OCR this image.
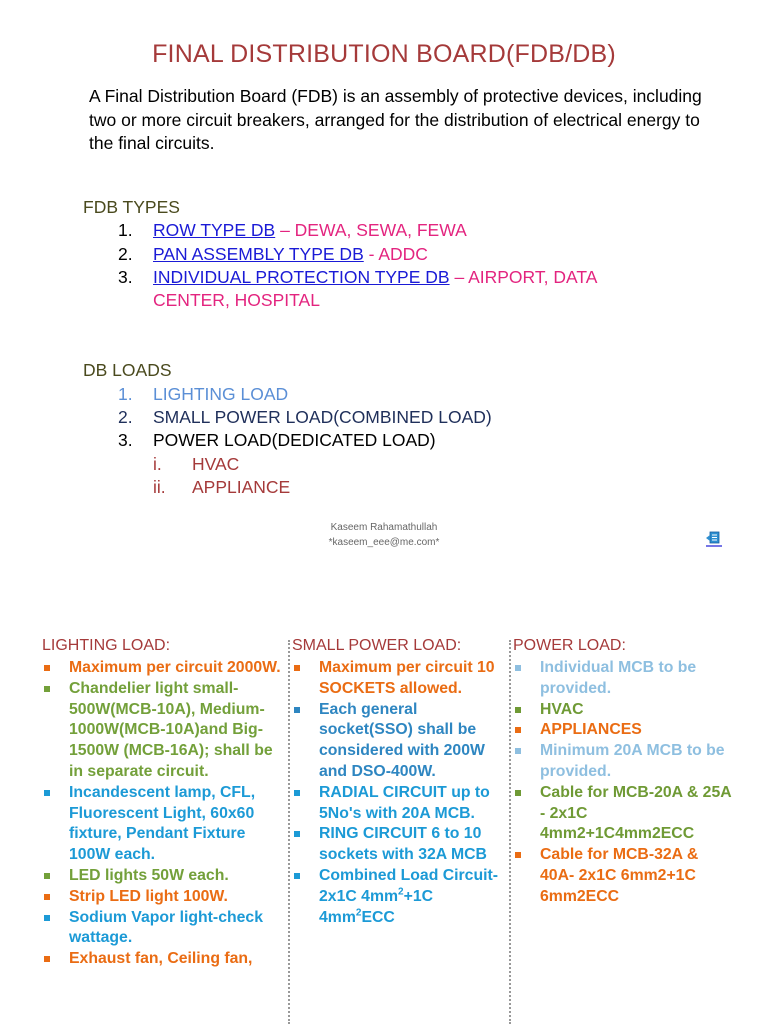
FINAL DISTRIBUTION BOARD(FDB/DB)
A Final Distribution Board (FDB) is an assembly of protective devices, including two or more circuit breakers, arranged for the distribution of electrical energy to the final circuits.
FDB TYPES
1. ROW TYPE DB – DEWA, SEWA, FEWA
2. PAN ASSEMBLY TYPE DB - ADDC
3. INDIVIDUAL PROTECTION TYPE DB – AIRPORT, DATA
CENTER, HOSPITAL
DB LOADS
1. LIGHTING LOAD
2. SMALL POWER LOAD(COMBINED LOAD)
3. POWER LOAD(DEDICATED LOAD)
i. HVAC
ii. APPLIANCE
Kaseem Rahamathullah
*kaseem_eee@me.com*
LIGHTING LOAD:
Maximum per circuit 2000W.
Chandelier light small-500W(MCB-10A), Medium-1000W(MCB-10A)and Big-1500W (MCB-16A); shall be in separate circuit.
Incandescent lamp, CFL, Fluorescent Light, 60x60 fixture, Pendant Fixture 100W each.
LED lights 50W each.
Strip LED light 100W.
Sodium Vapor light-check wattage.
Exhaust fan, Ceiling fan,
SMALL POWER LOAD:
Maximum per circuit 10 SOCKETS allowed.
Each general socket(SSO) shall be considered with 200W and DSO-400W.
RADIAL CIRCUIT up to 5No's with 20A MCB.
RING CIRCUIT 6 to 10 sockets with 32A MCB
Combined Load Circuit- 2x1C $4mm^2+1C$ $4mm^2ECC$
POWER LOAD:
Individual MCB to be provided.
HVAC
APPLIANCES
Minimum 20A MCB to be provided.
Cable for MCB-20A & 25A - 2x1C 4mm2+1C4mm2ECC
Cable for MCB-32A & 40A- 2x1C 6mm2+1C 6mm2ECC
